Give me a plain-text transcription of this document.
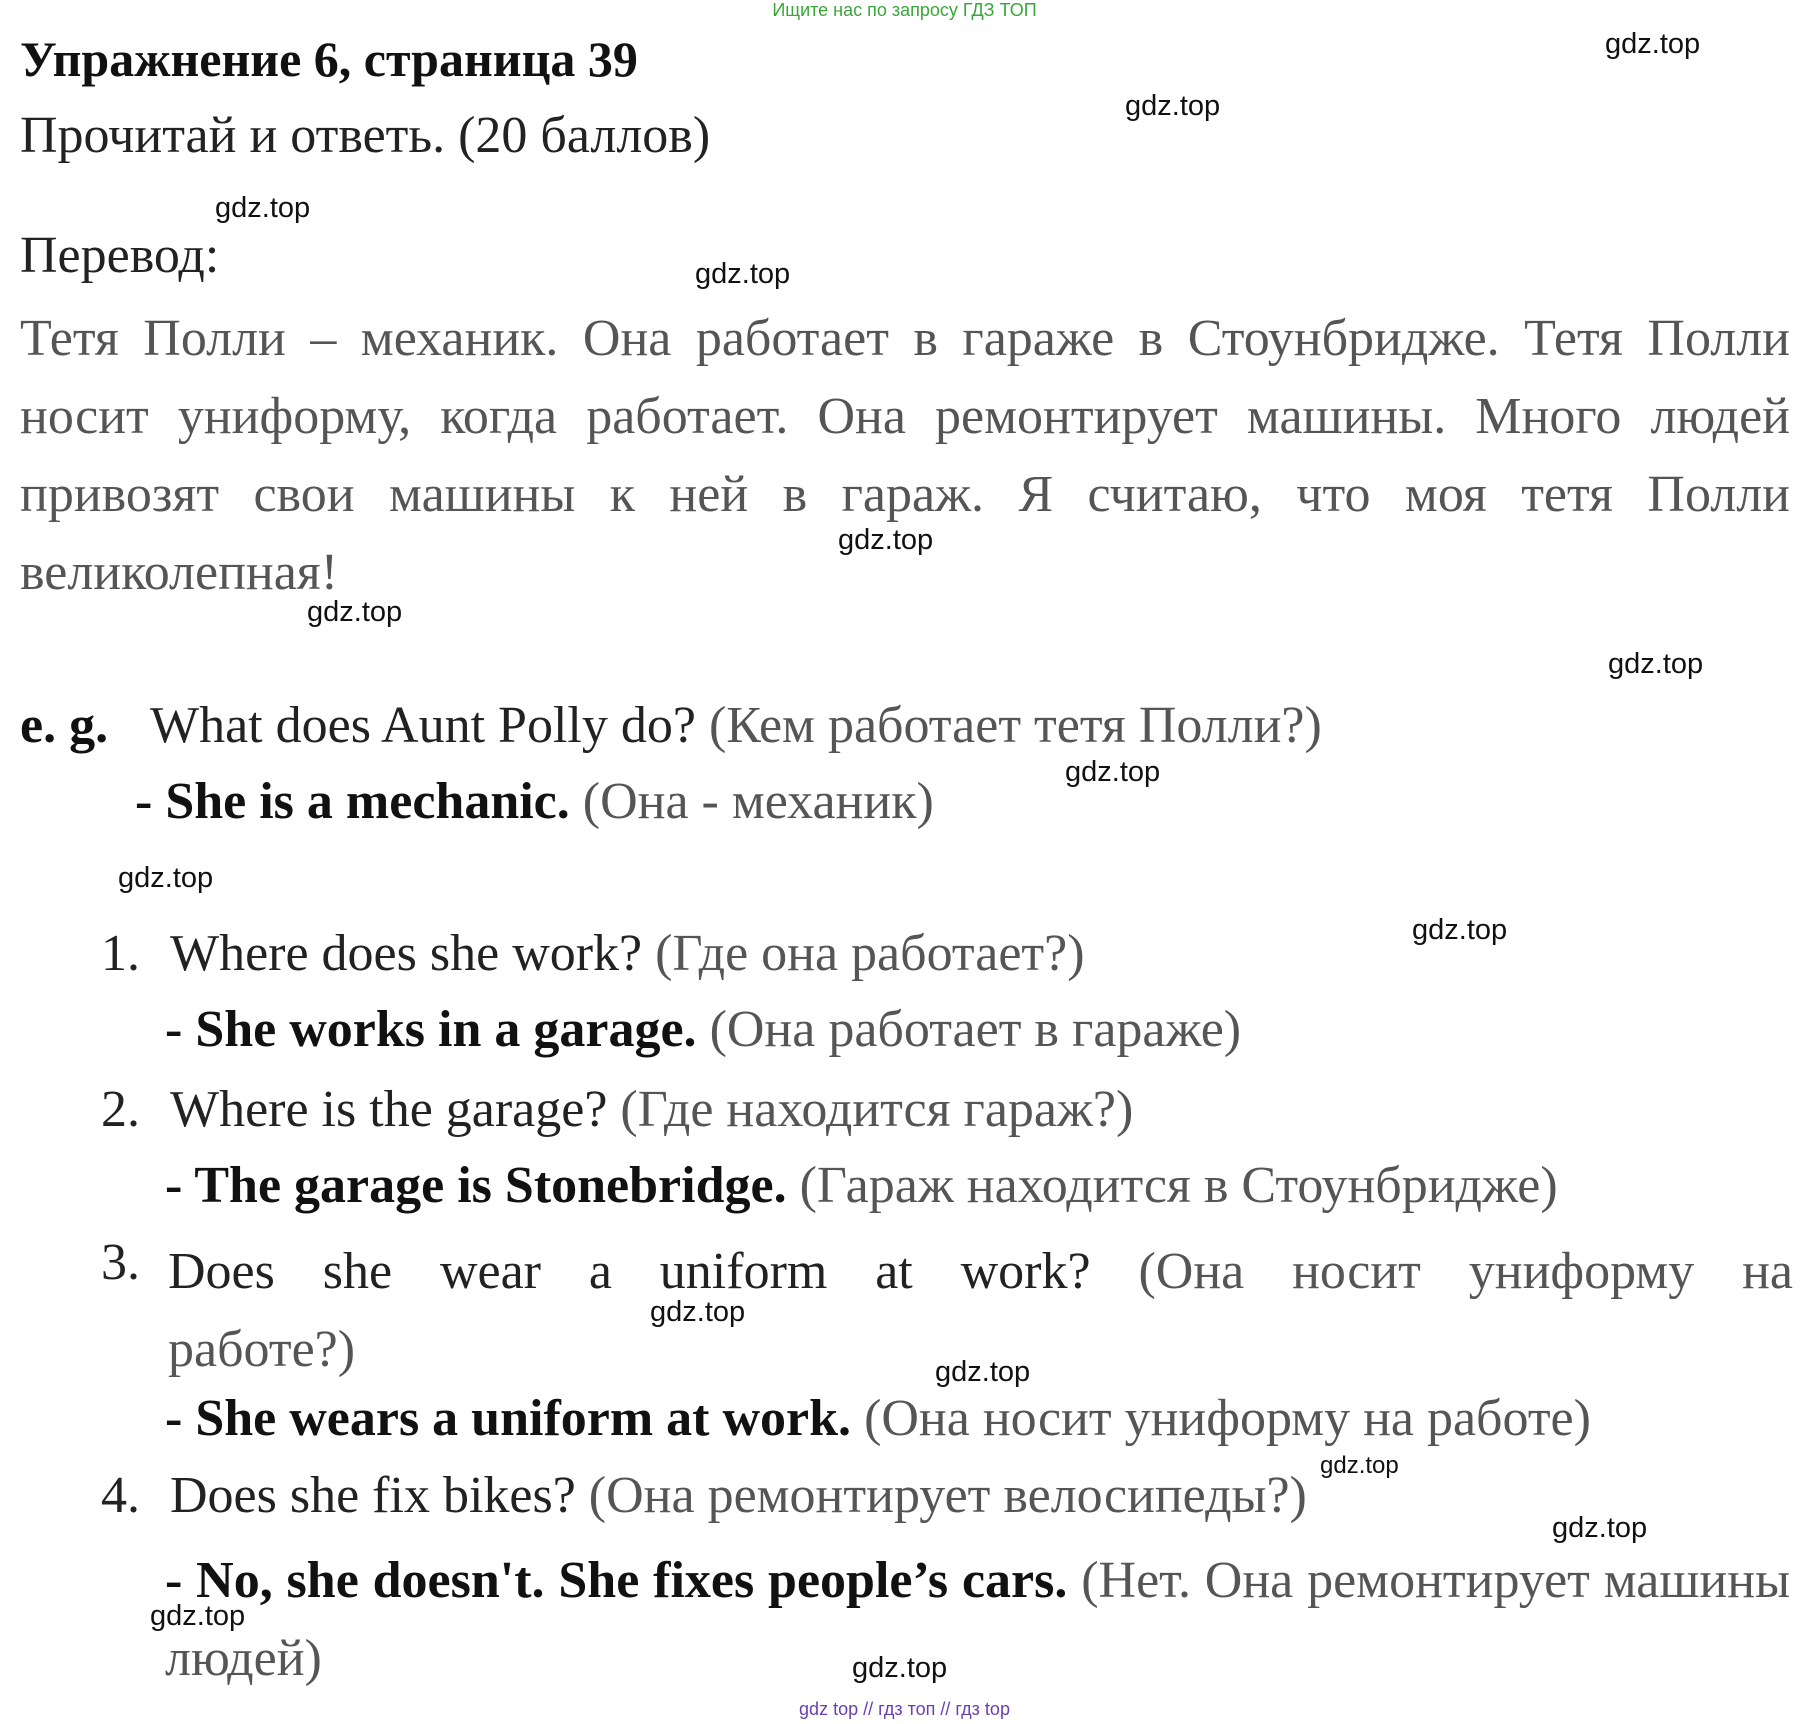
Ищите нас по запросу ГДЗ ТОП
Упражнение 6, страница 39
Прочитай и ответь. (20 баллов)
Перевод:
Тетя Полли – механик. Она работает в гараже в Стоунбридже. Тетя Полли носит униформу, когда работает. Она ремонтирует машины. Много людей привозят свои машины к ней в гараж. Я считаю, что моя тетя Полли великолепная!
e. g. What does Aunt Polly do? (Кем работает тетя Полли?)
- She is a mechanic. (Она - механик)
1. Where does she work? (Где она работает?)
- She works in a garage. (Она работает в гараже)
2. Where is the garage? (Где находится гараж?)
- The garage is Stonebridge. (Гараж находится в Стоунбридже)
3. Does she wear a uniform at work? (Она носит униформу на работе?)
- She wears a uniform at work. (Она носит униформу на работе)
4. Does she fix bikes? (Она ремонтирует велосипеды?)
- No, she doesn't. She fixes people’s cars. (Нет. Она ремонтирует машины людей)
gdz.top
gdz.top
gdz.top
gdz.top
gdz.top
gdz.top
gdz.top
gdz.top
gdz.top
gdz.top
gdz.top
gdz.top
gdz.top
gdz.top
gdz.top
gdz.top
gdz top // гдз топ // гдз top
